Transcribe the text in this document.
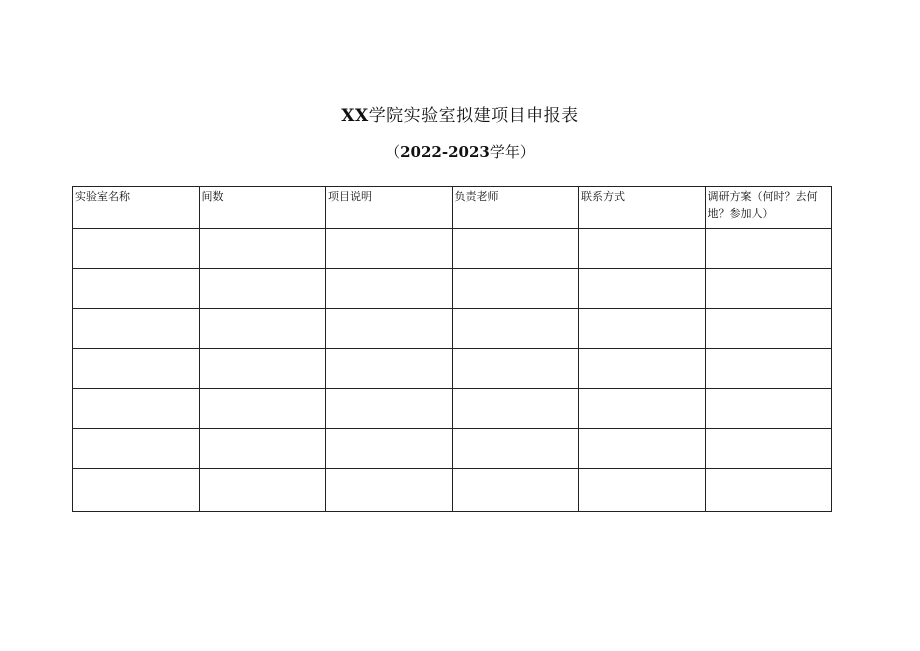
XX学院实验室拟建项目申报表
（2022-2023学年）
实验室名称	间数	项目说明	负责老师	联系方式	调研方案（何时？去何地？参加人）
